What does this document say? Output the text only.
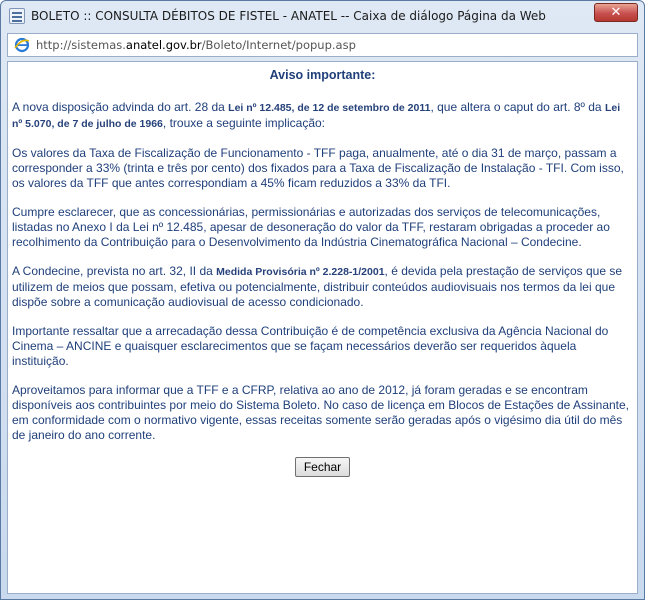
BOLETO :: CONSULTA DÉBITOS DE FISTEL - ANATEL -- Caixa de diálogo Página da Web	✕
http://sistemas.anatel.gov.br/Boleto/Internet/popup.asp
Aviso importante:

A nova disposição advinda do art. 28 da Lei nº 12.485, de 12 de setembro de 2011, que altera o caput do art. 8º da Lei nº 5.070, de 7 de julho de 1966, trouxe a seguinte implicação:

Os valores da Taxa de Fiscalização de Funcionamento - TFF paga, anualmente, até o dia 31 de março, passam a corresponder a 33% (trinta e três por cento) dos fixados para a Taxa de Fiscalização de Instalação - TFI. Com isso, os valores da TFF que antes correspondiam a 45% ficam reduzidos a 33% da TFI.

Cumpre esclarecer, que as concessionárias, permissionárias e autorizadas dos serviços de telecomunicações, listadas no Anexo I da Lei nº 12.485, apesar de desoneração do valor da TFF, restaram obrigadas a proceder ao recolhimento da Contribuição para o Desenvolvimento da Indústria Cinematográfica Nacional – Condecine.

A Condecine, prevista no art. 32, II da Medida Provisória nº 2.228-1/2001, é devida pela prestação de serviços que se utilizem de meios que possam, efetiva ou potencialmente, distribuir conteúdos audiovisuais nos termos da lei que dispõe sobre a comunicação audiovisual de acesso condicionado.

Importante ressaltar que a arrecadação dessa Contribuição é de competência exclusiva da Agência Nacional do Cinema – ANCINE e quaisquer esclarecimentos que se façam necessários deverão ser requeridos àquela instituição.

Aproveitamos para informar que a TFF e a CFRP, relativa ao ano de 2012, já foram geradas e se encontram disponíveis aos contribuintes por meio do Sistema Boleto. No caso de licença em Blocos de Estações de Assinante, em conformidade com o normativo vigente, essas receitas somente serão geradas após o vigésimo dia útil do mês de janeiro do ano corrente.

Fechar
